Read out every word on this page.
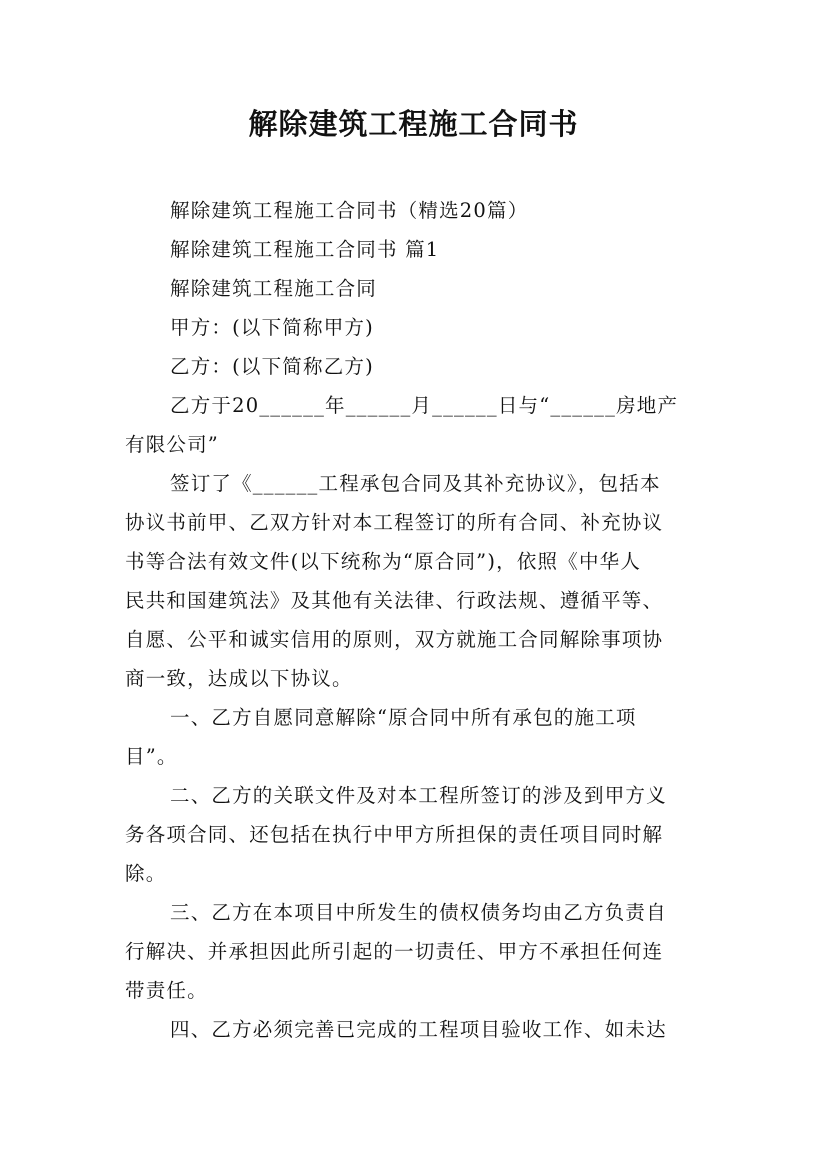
解除建筑工程施工合同书
解除建筑工程施工合同书（精选20篇）
解除建筑工程施工合同书 篇1
解除建筑工程施工合同
甲方：(以下简称甲方)
乙方：(以下简称乙方)
乙方于20______年______月______日与“______房地产
有限公司”
签订了《______工程承包合同及其补充协议》，包括本
协议书前甲、乙双方针对本工程签订的所有合同、补充协议
书等合法有效文件(以下统称为“原合同”)，依照《中华人
民共和国建筑法》及其他有关法律、行政法规、遵循平等、
自愿、公平和诚实信用的原则，双方就施工合同解除事项协
商一致，达成以下协议。
一、乙方自愿同意解除“原合同中所有承包的施工项
目”。
二、乙方的关联文件及对本工程所签订的涉及到甲方义
务各项合同、还包括在执行中甲方所担保的责任项目同时解
除。
三、乙方在本项目中所发生的债权债务均由乙方负责自
行解决、并承担因此所引起的一切责任、甲方不承担任何连
带责任。
四、乙方必须完善已完成的工程项目验收工作、如未达
